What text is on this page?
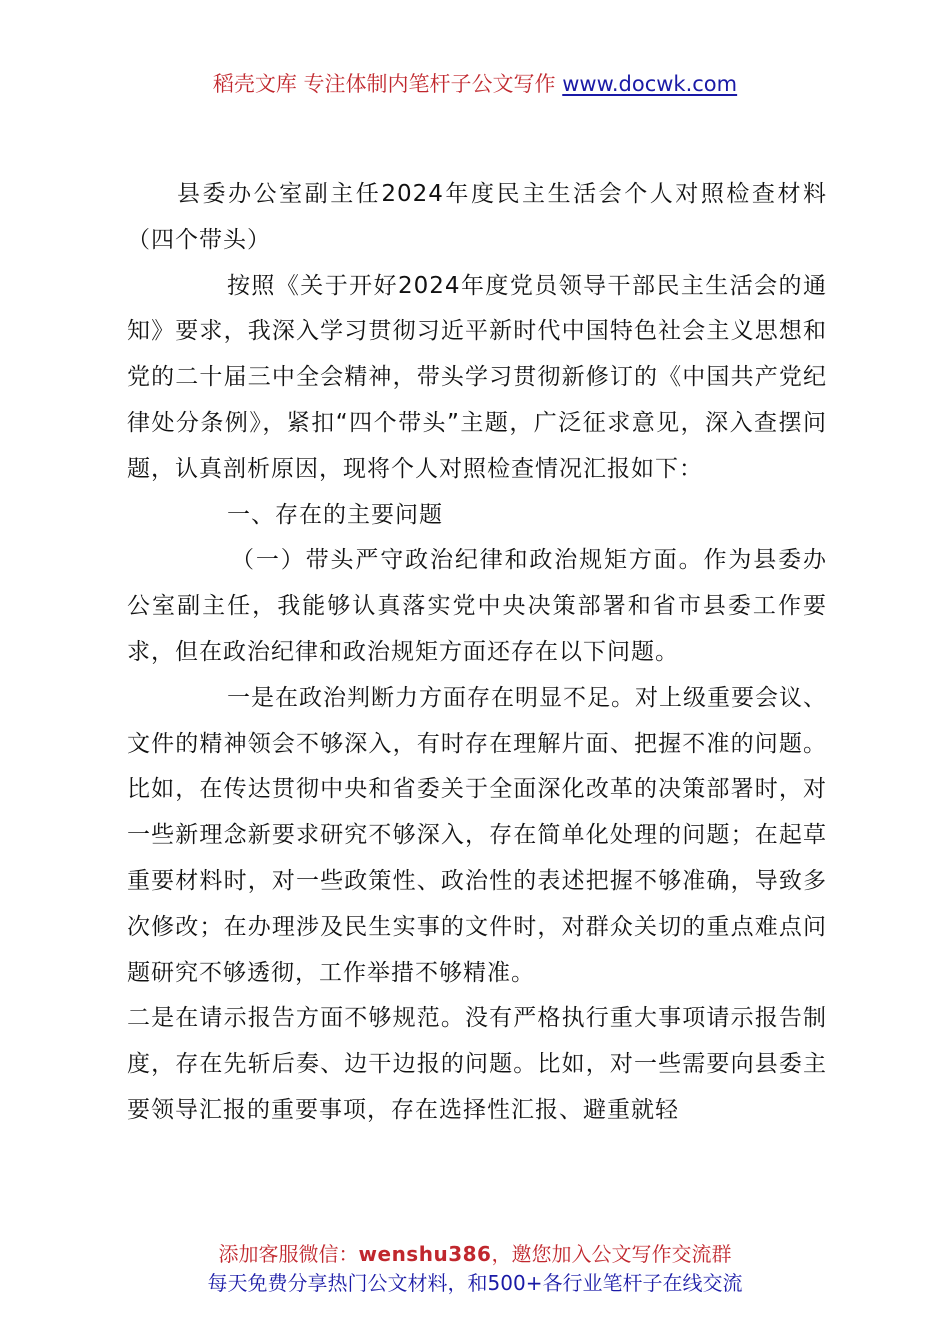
稻壳文库 专注体制内笔杆子公文写作 www.docwk.com

县委办公室副主任2024年度民主生活会个人对照检查材料（四个带头）

按照《关于开好2024年度党员领导干部民主生活会的通知》要求，我深入学习贯彻习近平新时代中国特色社会主义思想和党的二十届三中全会精神，带头学习贯彻新修订的《中国共产党纪律处分条例》，紧扣“四个带头”主题，广泛征求意见，深入查摆问题，认真剖析原因，现将个人对照检查情况汇报如下：

一、存在的主要问题

（一）带头严守政治纪律和政治规矩方面。作为县委办公室副主任，我能够认真落实党中央决策部署和省市县委工作要求，但在政治纪律和政治规矩方面还存在以下问题。

一是在政治判断力方面存在明显不足。对上级重要会议、文件的精神领会不够深入，有时存在理解片面、把握不准的问题。比如，在传达贯彻中央和省委关于全面深化改革的决策部署时，对一些新理念新要求研究不够深入，存在简单化处理的问题；在起草重要材料时，对一些政策性、政治性的表述把握不够准确，导致多次修改；在办理涉及民生实事的文件时，对群众关切的重点难点问题研究不够透彻，工作举措不够精准。

二是在请示报告方面不够规范。没有严格执行重大事项请示报告制度，存在先斩后奏、边干边报的问题。比如，对一些需要向县委主要领导汇报的重要事项，存在选择性汇报、避重就轻

添加客服微信：wenshu386，邀您加入公文写作交流群
每天免费分享热门公文材料，和500+各行业笔杆子在线交流
